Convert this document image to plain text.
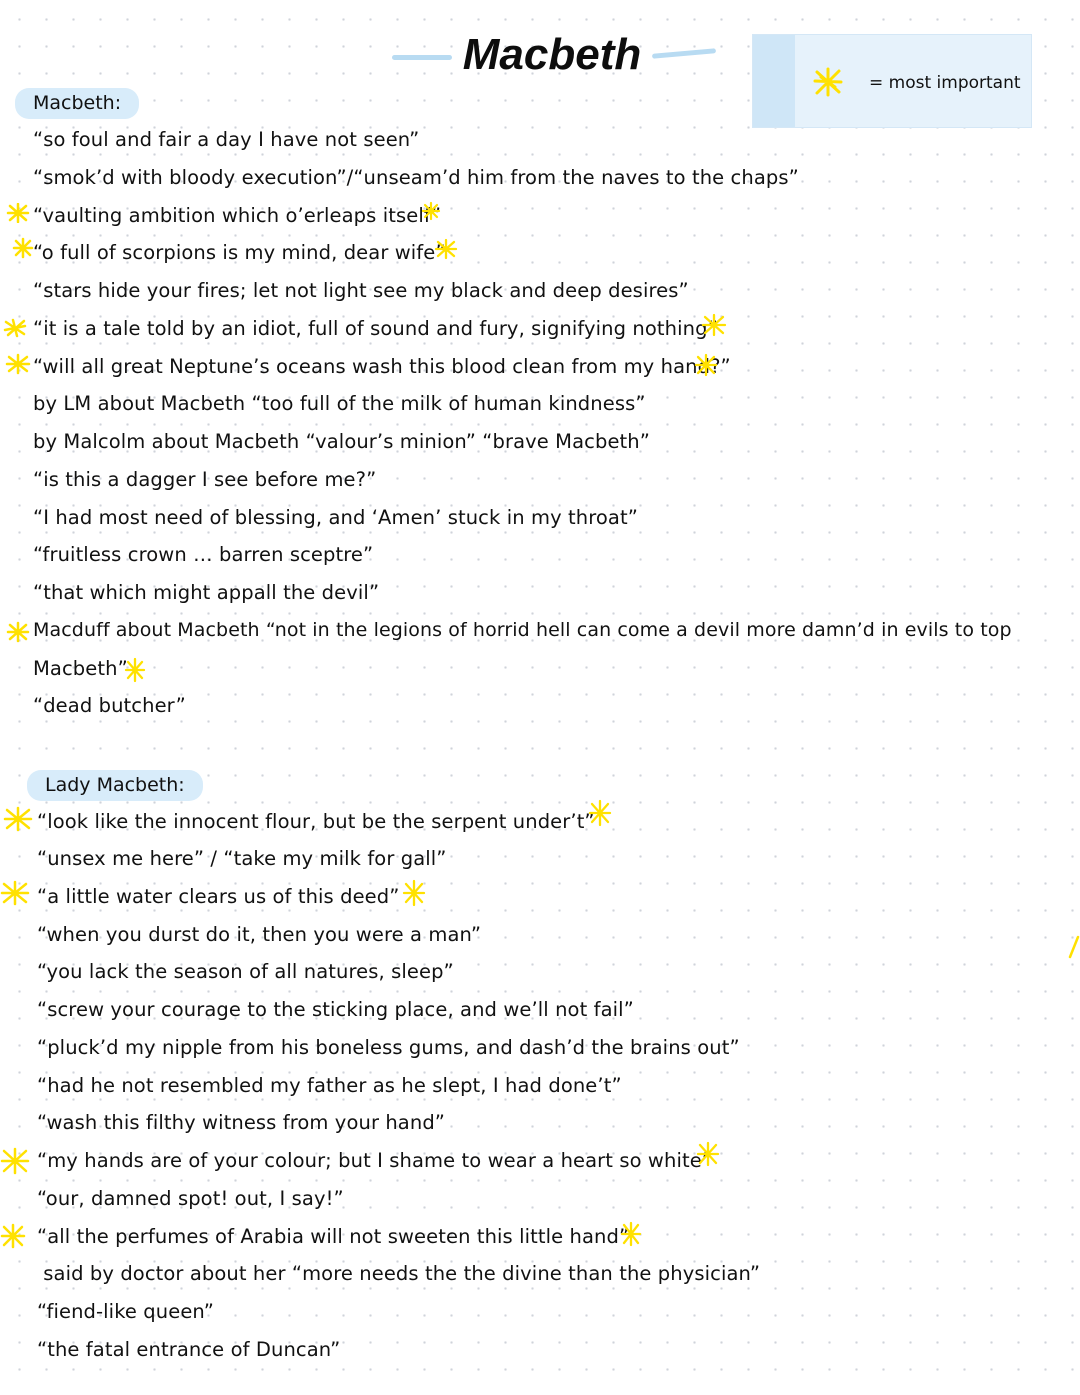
Macbeth
= most important
Macbeth:
“so foul and fair a day I have not seen”
“smok’d with bloody execution”/“unseam’d him from the naves to the chaps”
“vaulting ambition which o’erleaps itself”
“o full of scorpions is my mind, dear wife”
“stars hide your fires; let not light see my black and deep desires”
“it is a tale told by an idiot, full of sound and fury, signifying nothing”
“will all great Neptune’s oceans wash this blood clean from my hand?”
by LM about Macbeth “too full of the milk of human kindness”
by Malcolm about Macbeth “valour’s minion” “brave Macbeth”
“is this a dagger I see before me?”
“I had most need of blessing, and ‘Amen’ stuck in my throat”
“fruitless crown … barren sceptre”
“that which might appall the devil”
Macduff about Macbeth “not in the legions of horrid hell can come a devil more damn’d in evils to top
Macbeth”
“dead butcher”
Lady Macbeth:
“look like the innocent flour, but be the serpent under’t”
“unsex me here” / “take my milk for gall”
“a little water clears us of this deed”
“when you durst do it, then you were a man”
“you lack the season of all natures, sleep”
“screw your courage to the sticking place, and we’ll not fail”
“pluck’d my nipple from his boneless gums, and dash’d the brains out”
“had he not resembled my father as he slept, I had done’t”
“wash this filthy witness from your hand”
“my hands are of your colour; but I shame to wear a heart so white”
“our, damned spot! out, I say!”
“all the perfumes of Arabia will not sweeten this little hand”
said by doctor about her “more needs the the divine than the physician”
“fiend-like queen”
“the fatal entrance of Duncan”
